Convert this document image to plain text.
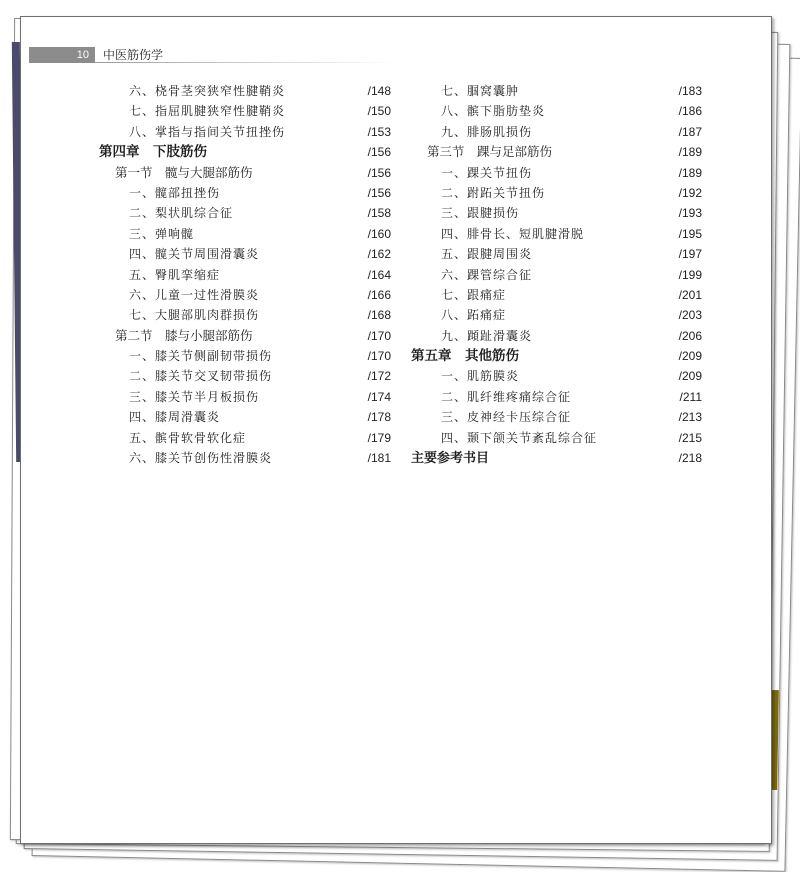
10	中医筋伤学
六、桡骨茎突狭窄性腱鞘炎	/148
七、指屈肌腱狭窄性腱鞘炎	/150
八、掌指与指间关节扭挫伤	/153
第四章　下肢筋伤	/156
第一节　髋与大腿部筋伤	/156
一、髋部扭挫伤	/156
二、梨状肌综合征	/158
三、弹响髋	/160
四、髋关节周围滑囊炎	/162
五、臀肌挛缩症	/164
六、儿童一过性滑膜炎	/166
七、大腿部肌肉群损伤	/168
第二节　膝与小腿部筋伤	/170
一、膝关节侧副韧带损伤	/170
二、膝关节交叉韧带损伤	/172
三、膝关节半月板损伤	/174
四、膝周滑囊炎	/178
五、髌骨软骨软化症	/179
六、膝关节创伤性滑膜炎	/181
七、腘窝囊肿	/183
八、髌下脂肪垫炎	/186
九、腓肠肌损伤	/187
第三节　踝与足部筋伤	/189
一、踝关节扭伤	/189
二、跗跖关节扭伤	/192
三、跟腱损伤	/193
四、腓骨长、短肌腱滑脱	/195
五、跟腱周围炎	/197
六、踝管综合征	/199
七、跟痛症	/201
八、跖痛症	/203
九、蹞趾滑囊炎	/206
第五章　其他筋伤	/209
一、肌筋膜炎	/209
二、肌纤维疼痛综合征	/211
三、皮神经卡压综合征	/213
四、颞下颌关节紊乱综合征	/215
主要参考书目	/218
